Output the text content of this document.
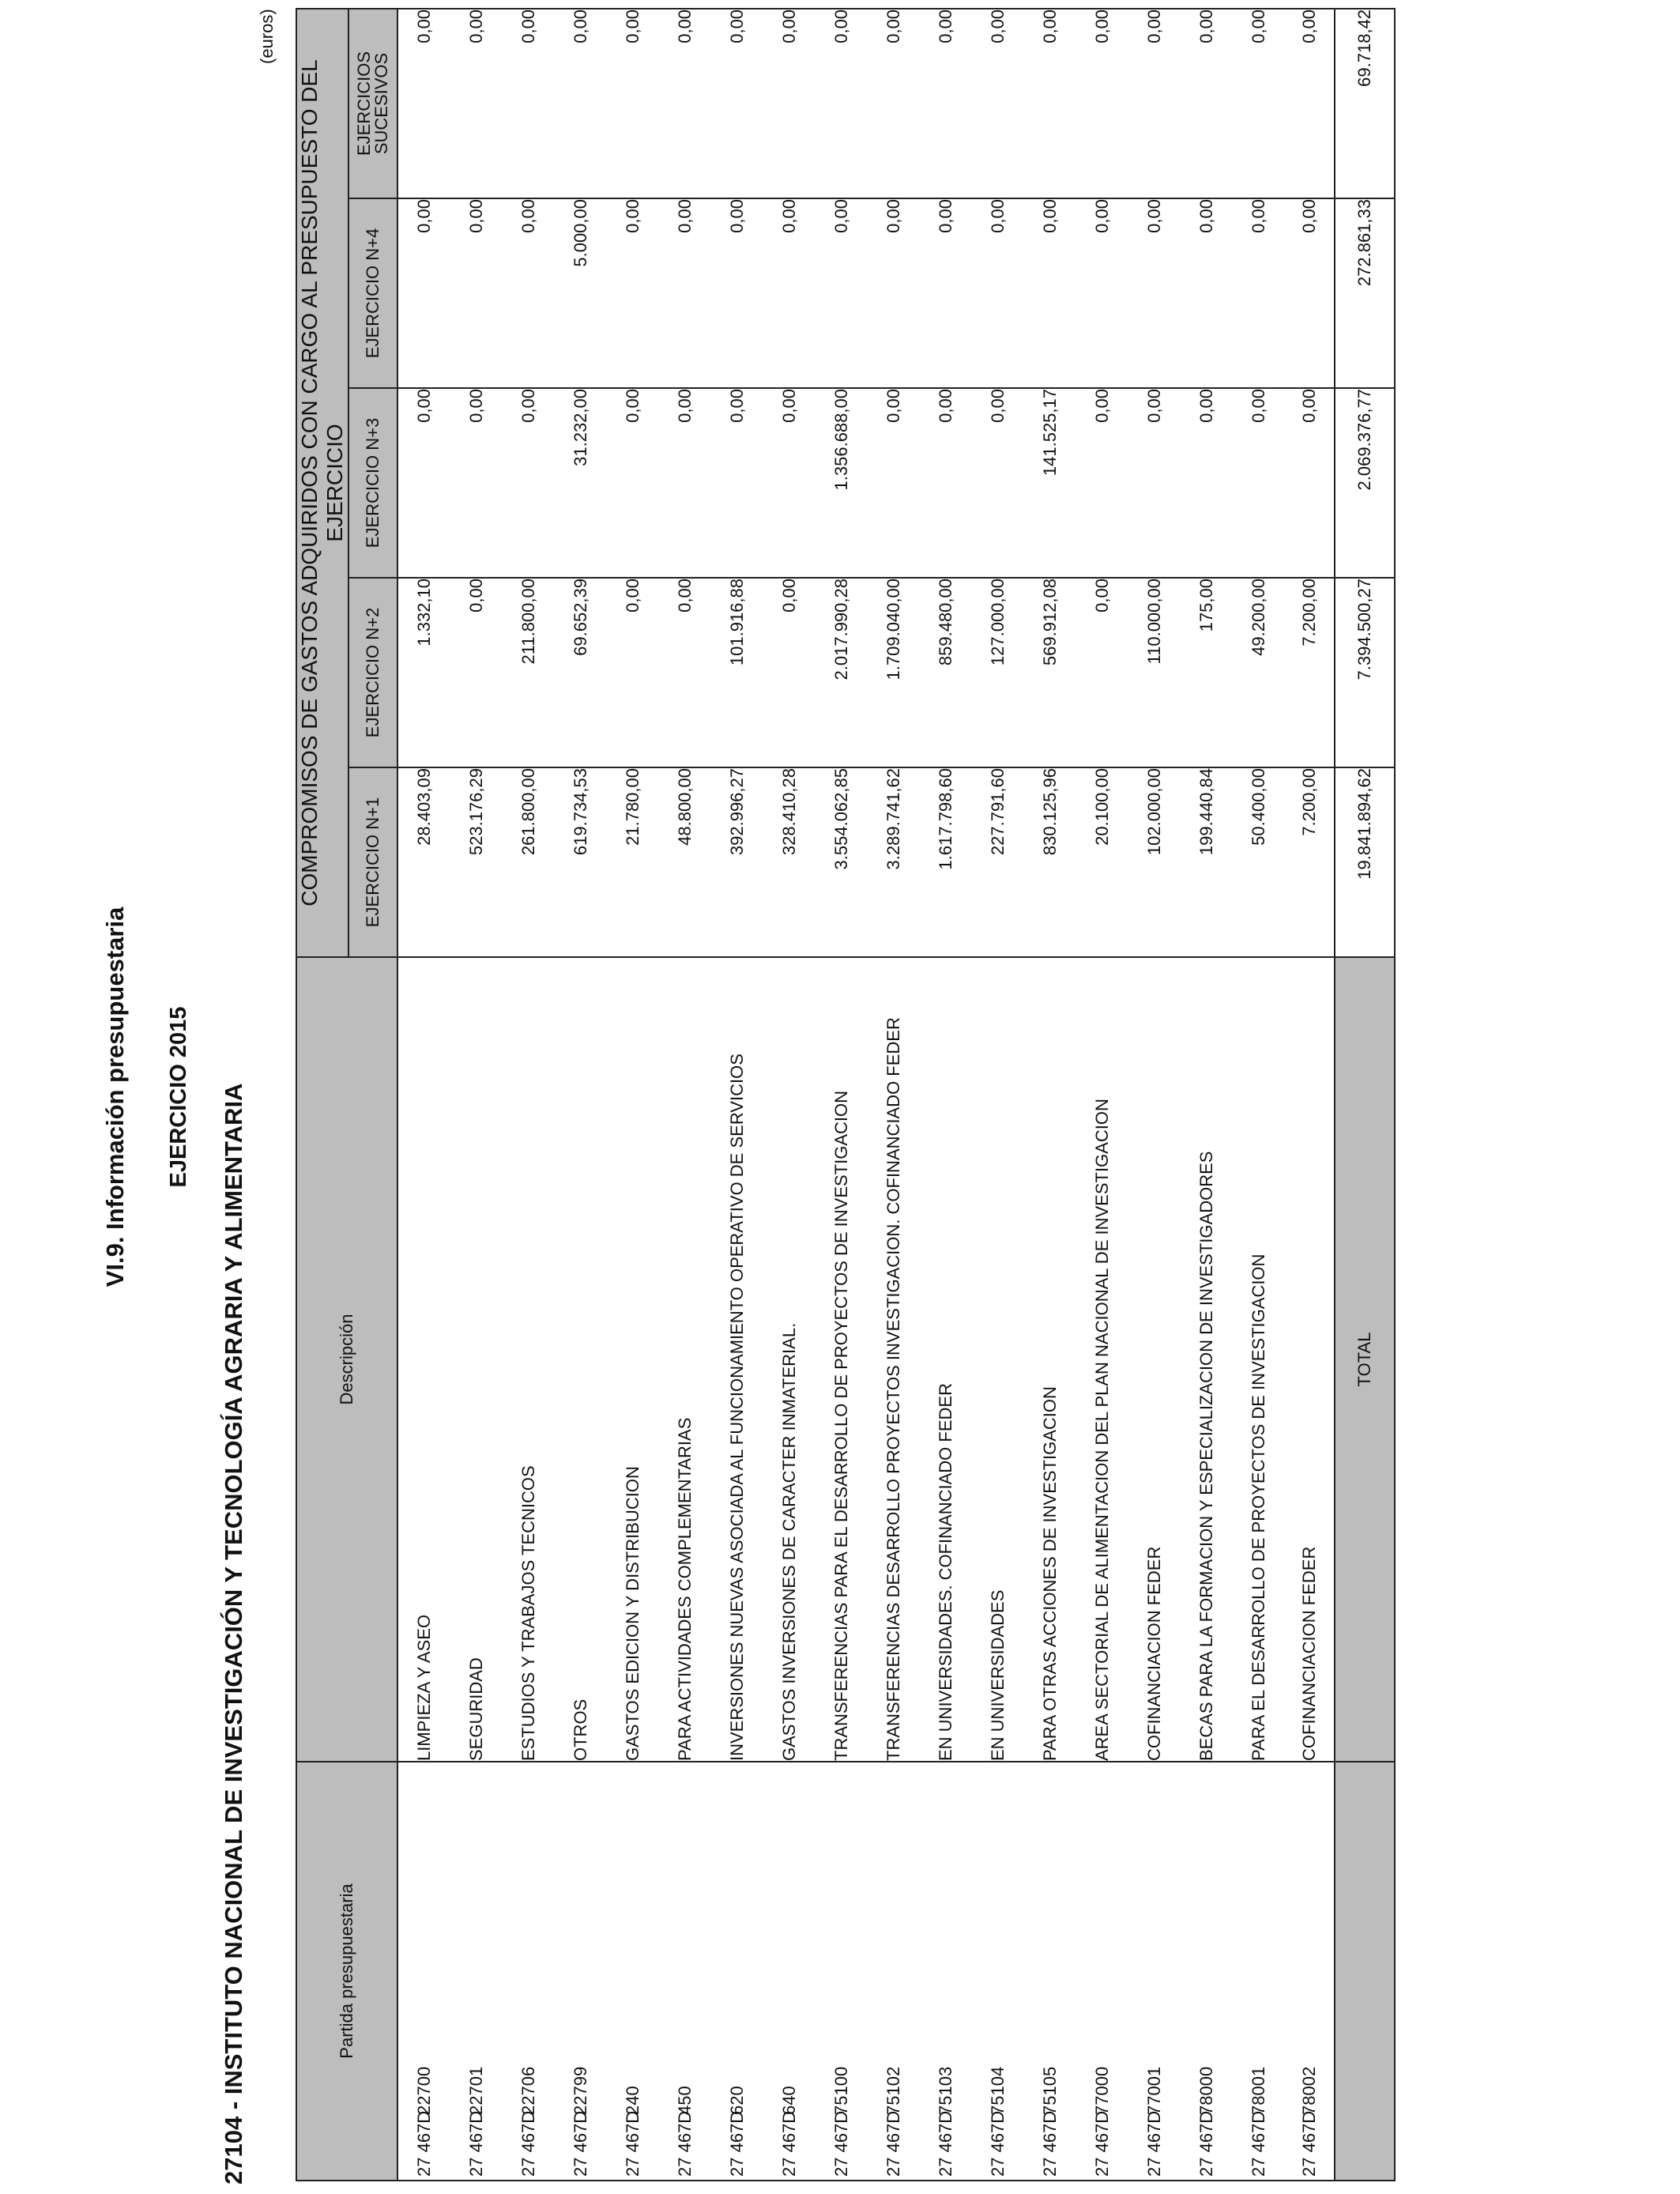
VI.9. Información presupuestaria EJERCICIO 2015 27104 - INSTITUTO NACIONAL DE INVESTIGACIÓN Y TECNOLOGÍA AGRARIA Y ALIMENTARIA
(euros)
Partida presupuestaria	Descripción	COMPROMISOS DE GASTOS ADQUIRIDOS CON CARGO AL PRESUPUESTO DEL EJERCICIO				
		EJERCICIO N+1	EJERCICIO N+2	EJERCICIO N+3	EJERCICIO N+4	EJERCICIOS SUCESIVOS
27 467D22700	LIMPIEZA Y ASEO	28.403,09	1.332,10	0,00	0,00	0,00
27 467D22701	SEGURIDAD	523.176,29	0,00	0,00	0,00	0,00
27 467D22706	ESTUDIOS Y TRABAJOS TECNICOS	261.800,00	211.800,00	0,00	0,00	0,00
27 467D22799	OTROS	619.734,53	69.652,39	31.232,00	5.000,00	0,00
27 467D240	GASTOS EDICION Y DISTRIBUCION	21.780,00	0,00	0,00	0,00	0,00
27 467D450	PARA ACTIVIDADES COMPLEMENTARIAS	48.800,00	0,00	0,00	0,00	0,00
27 467D620	INVERSIONES NUEVAS ASOCIADA AL FUNCIONAMIENTO OPERATIVO DE SERVICIOS	392.996,27	101.916,88	0,00	0,00	0,00
27 467D640	GASTOS INVERSIONES DE CARACTER INMATERIAL.	328.410,28	0,00	0,00	0,00	0,00
27 467D75100	TRANSFERENCIAS PARA EL DESARROLLO DE PROYECTOS DE INVESTIGACION	3.554.062,85	2.017.990,28	1.356.688,00	0,00	0,00
27 467D75102	TRANSFERENCIAS DESARROLLO PROYECTOS INVESTIGACION. COFINANCIADO FEDER	3.289.741,62	1.709.040,00	0,00	0,00	0,00
27 467D75103	EN UNIVERSIDADES. COFINANCIADO FEDER	1.617.798,60	859.480,00	0,00	0,00	0,00
27 467D75104	EN UNIVERSIDADES	227.791,60	127.000,00	0,00	0,00	0,00
27 467D75105	PARA OTRAS ACCIONES DE INVESTIGACION	830.125,96	569.912,08	141.525,17	0,00	0,00
27 467D77000	AREA SECTORIAL DE ALIMENTACION DEL PLAN NACIONAL DE INVESTIGACION	20.100,00	0,00	0,00	0,00	0,00
27 467D77001	COFINANCIACION FEDER	102.000,00	110.000,00	0,00	0,00	0,00
27 467D78000	BECAS PARA LA FORMACION Y ESPECIALIZACION DE INVESTIGADORES	199.440,84	175,00	0,00	0,00	0,00
27 467D78001	PARA EL DESARROLLO DE PROYECTOS DE INVESTIGACION	50.400,00	49.200,00	0,00	0,00	0,00
27 467D78002	COFINANCIACION FEDER	7.200,00	7.200,00	0,00	0,00	0,00
	TOTAL	19.841.894,62	7.394.500,27	2.069.376,77	272.861,33	69.718,42
